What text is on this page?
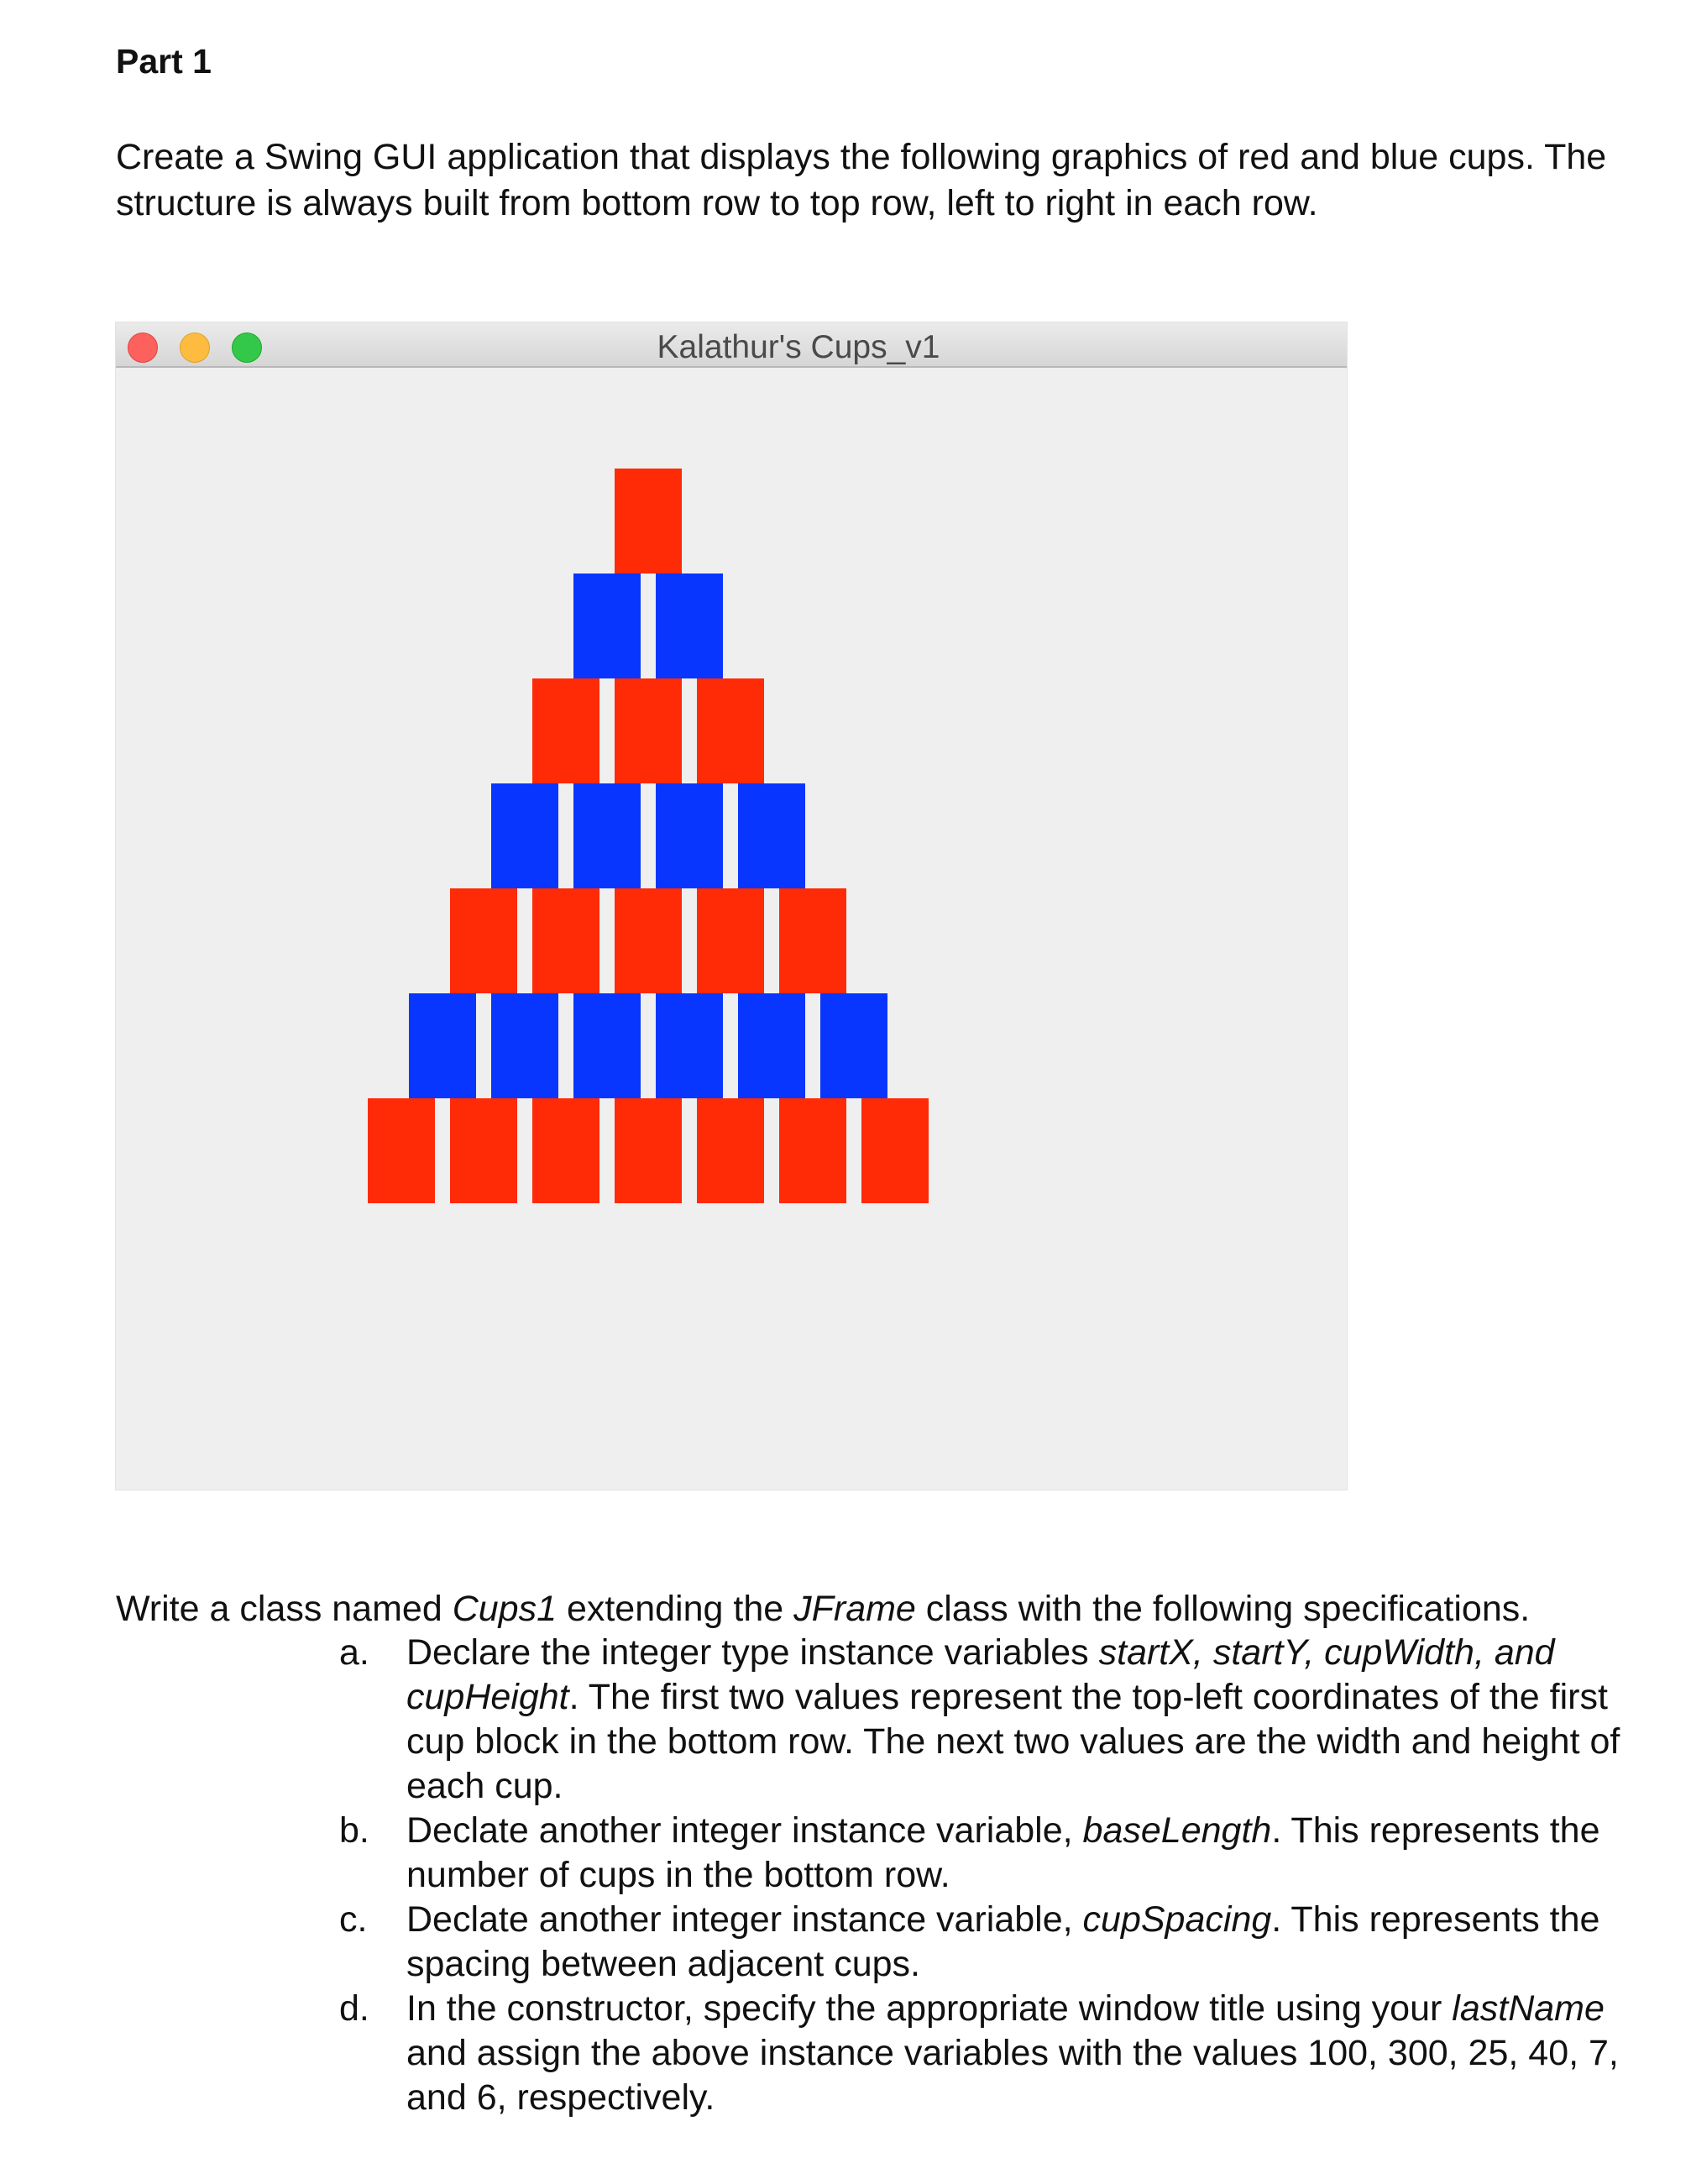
Part 1

Create a Swing GUI application that displays the following graphics of red and blue cups. The structure is always built from bottom row to top row, left to right in each row.

Kalathur's Cups_v1

Write a class named Cups1 extending the JFrame class with the following specifications.

a. Declare the integer type instance variables startX, startY, cupWidth, and cupHeight. The first two values represent the top-left coordinates of the first cup block in the bottom row. The next two values are the width and height of each cup.
b. Declate another integer instance variable, baseLength. This represents the number of cups in the bottom row.
c. Declate another integer instance variable, cupSpacing. This represents the spacing between adjacent cups.
d. In the constructor, specify the appropriate window title using your lastName and assign the above instance variables with the values 100, 300, 25, 40, 7, and 6, respectively.
